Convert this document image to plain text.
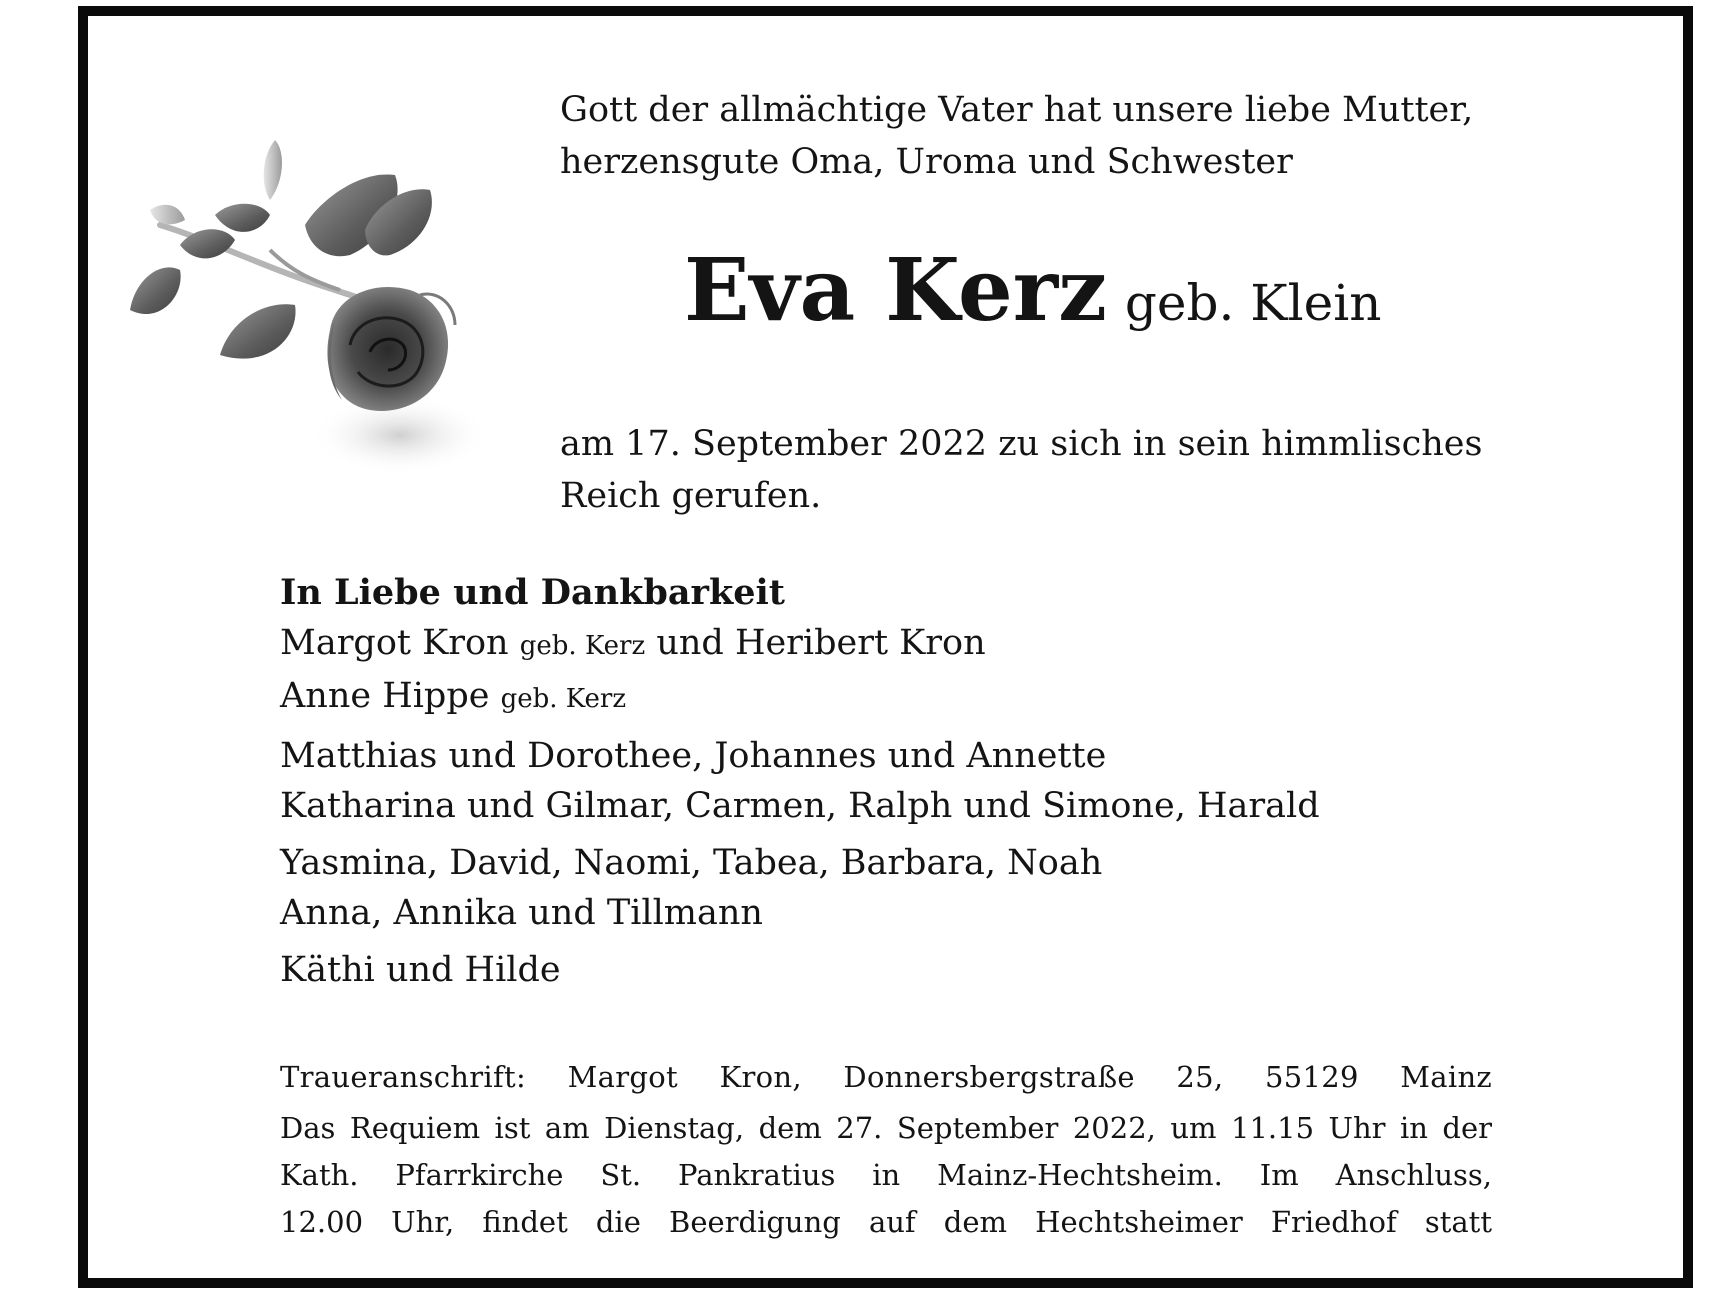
Gott der allmächtige Vater hat unsere liebe Mutter,
herzensgute Oma, Uroma und Schwester

Eva Kerz geb. Klein

am 17. September 2022 zu sich in sein himmlisches
Reich gerufen.

In Liebe und Dankbarkeit
Margot Kron geb. Kerz und Heribert Kron
Anne Hippe geb. Kerz
Matthias und Dorothee, Johannes und Annette
Katharina und Gilmar, Carmen, Ralph und Simone, Harald
Yasmina, David, Naomi, Tabea, Barbara, Noah
Anna, Annika und Tillmann
Käthi und Hilde
Traueranschrift: Margot Kron, Donnersbergstraße 25, 55129 Mainz
Das Requiem ist am Dienstag, dem 27. September 2022, um 11.15 Uhr in der
Kath. Pfarrkirche St. Pankratius in Mainz-Hechtsheim. Im Anschluss,
12.00 Uhr, findet die Beerdigung auf dem Hechtsheimer Friedhof statt
